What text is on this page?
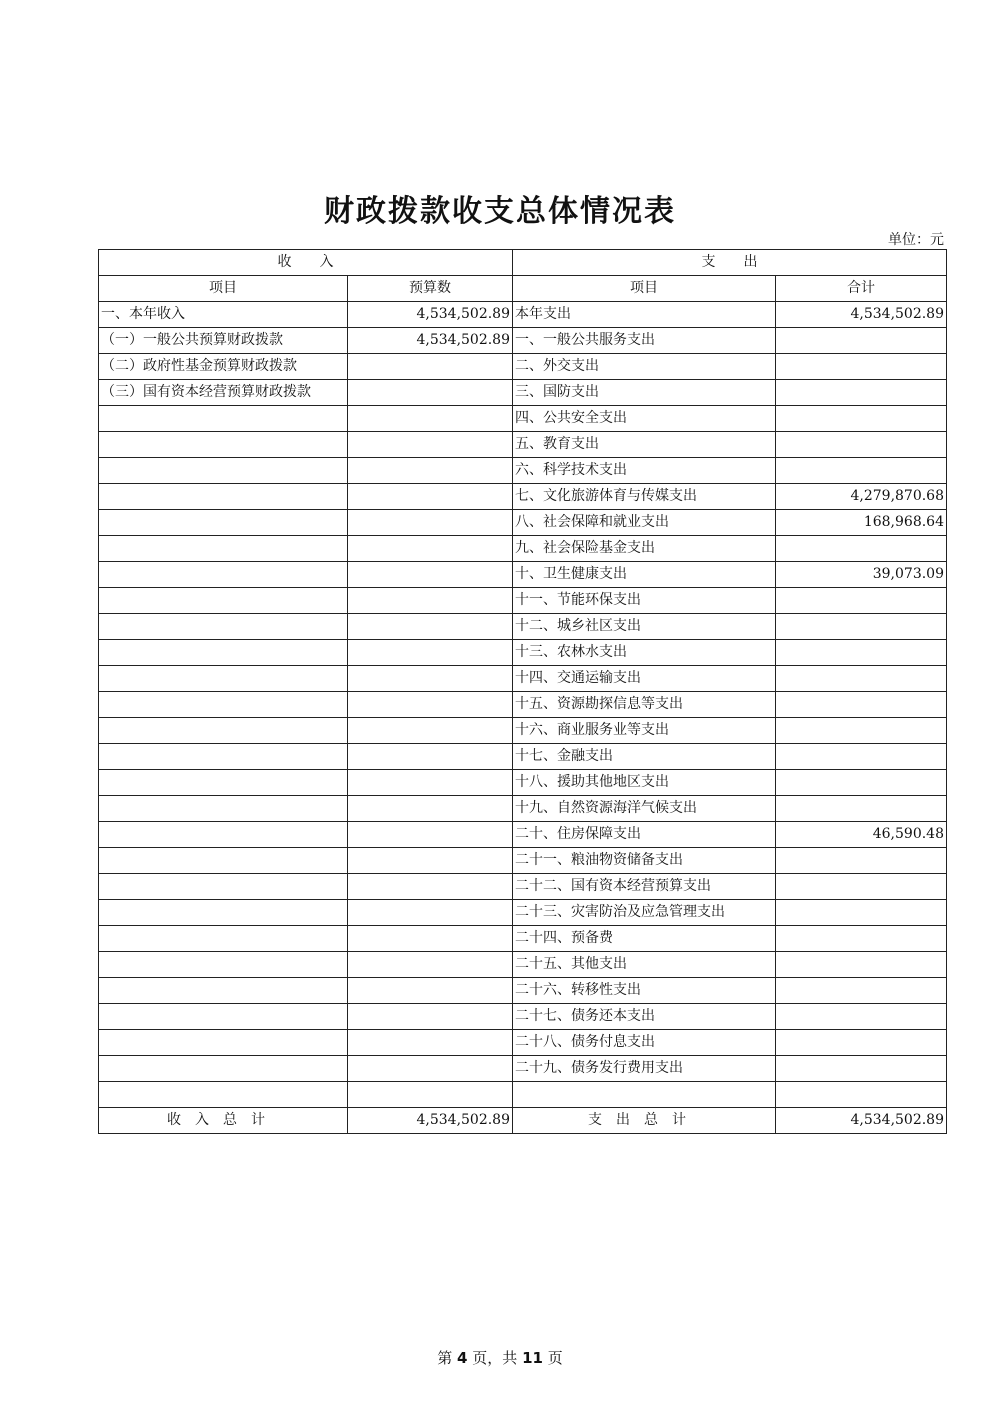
财政拨款收支总体情况表
单位：元
收　　入		支　　出	
项目	预算数	项目	合计
一、本年收入	4,534,502.89	本年支出	4,534,502.89
（一）一般公共预算财政拨款	4,534,502.89	一、一般公共服务支出	
（二）政府性基金预算财政拨款		二、外交支出	
（三）国有资本经营预算财政拨款		三、国防支出	
		四、公共安全支出	
		五、教育支出	
		六、科学技术支出	
		七、文化旅游体育与传媒支出	4,279,870.68
		八、社会保障和就业支出	168,968.64
		九、社会保险基金支出	
		十、卫生健康支出	39,073.09
		十一、节能环保支出	
		十二、城乡社区支出	
		十三、农林水支出	
		十四、交通运输支出	
		十五、资源勘探信息等支出	
		十六、商业服务业等支出	
		十七、金融支出	
		十八、援助其他地区支出	
		十九、自然资源海洋气候支出	
		二十、住房保障支出	46,590.48
		二十一、粮油物资储备支出	
		二十二、国有资本经营预算支出	
		二十三、灾害防治及应急管理支出	
		二十四、预备费	
		二十五、其他支出	
		二十六、转移性支出	
		二十七、债务还本支出	
		二十八、债务付息支出	
		二十九、债务发行费用支出	

收入总计	4,534,502.89	支出总计	4,534,502.89
第 4 页，共 11 页
